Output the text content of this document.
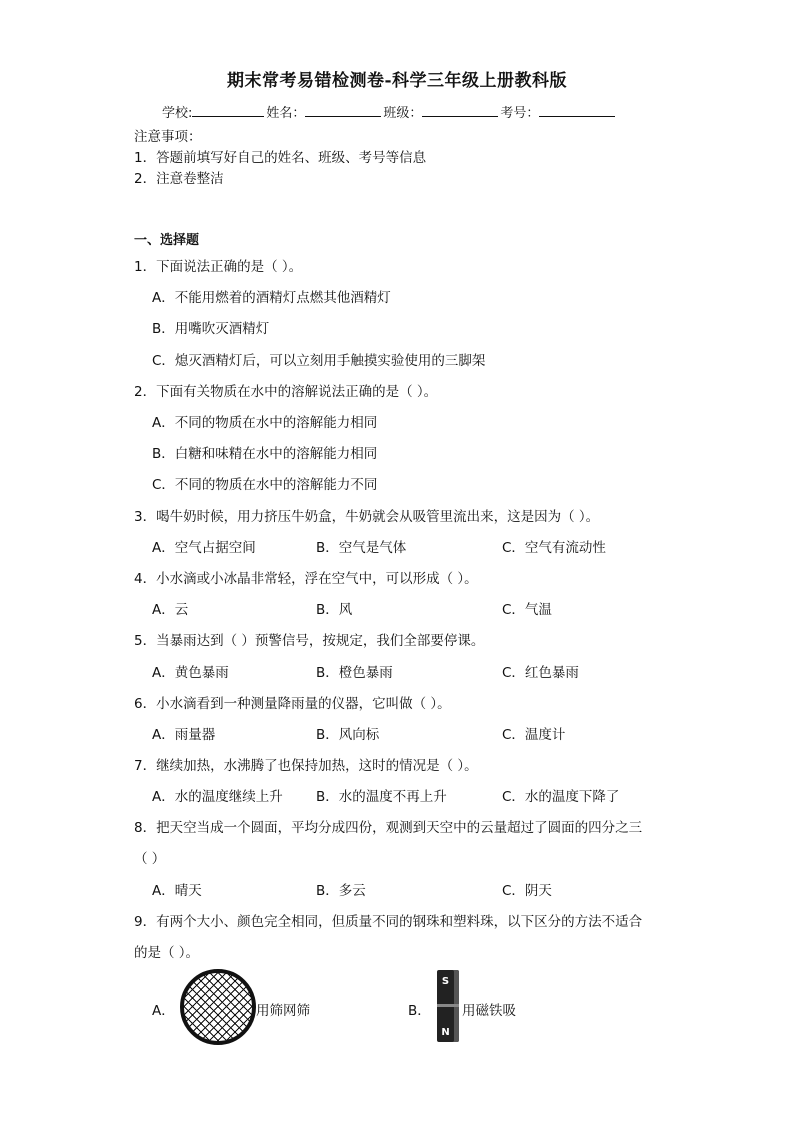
期末常考易错检测卷-科学三年级上册教科版
学校:	姓名：	班级：	考号：
注意事项：
1．答题前填写好自己的姓名、班级、考号等信息
2．注意卷整洁
一、选择题
1．下面说法正确的是（ ）。
A．不能用燃着的酒精灯点燃其他酒精灯
B．用嘴吹灭酒精灯
C．熄灭酒精灯后，可以立刻用手触摸实验使用的三脚架
2．下面有关物质在水中的溶解说法正确的是（ ）。
A．不同的物质在水中的溶解能力相同
B．白糖和味精在水中的溶解能力相同
C．不同的物质在水中的溶解能力不同
3．喝牛奶时候，用力挤压牛奶盒，牛奶就会从吸管里流出来，这是因为（ ）。
A．空气占据空间	B．空气是气体	C．空气有流动性
4．小水滴或小冰晶非常轻，浮在空气中，可以形成（ ）。
A．云	B．风	C．气温
5．当暴雨达到（ ）预警信号，按规定，我们全部要停课。
A．黄色暴雨	B．橙色暴雨	C．红色暴雨
6．小水滴看到一种测量降雨量的仪器，它叫做（ ）。
A．雨量器	B．风向标	C．温度计
7．继续加热，水沸腾了也保持加热，这时的情况是（ ）。
A．水的温度继续上升 B．水的温度不再上升	C．水的温度下降了
8．把天空当成一个圆面，平均分成四份，观测到天空中的云量超过了圆面的四分之三
（ ）
A．晴天	B．多云	C．阴天
9．有两个大小、颜色完全相同，但质量不同的钢珠和塑料珠，以下区分的方法不适合
的是（ ）。
A．	用筛网筛	B．
S
N
用磁铁吸
